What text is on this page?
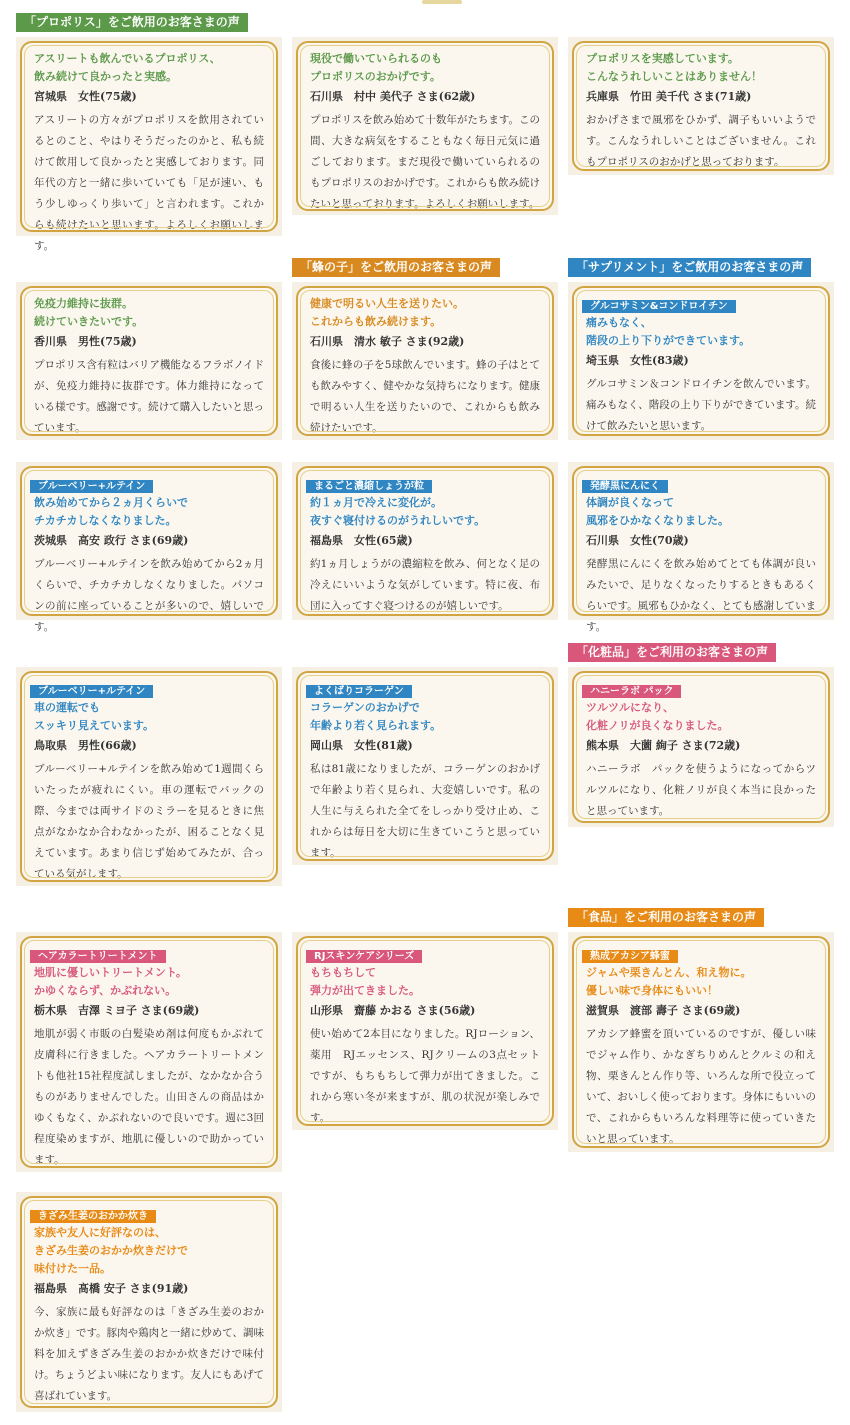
「プロポリス」をご飲用のお客さまの声
「蜂の子」をご飲用のお客さまの声	「サプリメント」をご飲用のお客さまの声
「化粧品」をご利用のお客さまの声
「食品」をご利用のお客さまの声
アスリートも飲んでいるプロポリス、
飲み続けて良かったと実感。
宮城県　女性(75歳)
アスリートの方々がプロポリスを飲用されているとのこと、やはりそうだったのかと、私も続けて飲用して良かったと実感しております。同年代の方と一緒に歩いていても「足が速い、もう少しゆっくり歩いて」と言われます。これからも続けたいと思います。よろしくお願いします。
現役で働いていられるのも
プロポリスのおかげです。
石川県　村中 美代子 さま(62歳)
プロポリスを飲み始めて十数年がたちます。この間、大きな病気をすることもなく毎日元気に過ごしております。まだ現役で働いていられるのもプロポリスのおかげです。これからも飲み続けたいと思っております。よろしくお願いします。
プロポリスを実感しています。
こんなうれしいことはありません！
兵庫県　竹田 美千代 さま(71歳)
おかげさまで風邪をひかず、調子もいいようです。こんなうれしいことはございません。これもプロポリスのおかげと思っております。
免疫力維持に抜群。
続けていきたいです。
香川県　男性(75歳)
プロポリス含有粒はバリア機能なるフラボノイドが、免疫力維持に抜群です。体力維持になっている様です。感謝です。続けて購入したいと思っています。
健康で明るい人生を送りたい。
これからも飲み続けます。
石川県　清水 敏子 さま(92歳)
食後に蜂の子を5球飲んでいます。蜂の子はとても飲みやすく、健やかな気持ちになります。健康で明るい人生を送りたいので、これからも飲み続けたいです。
グルコサミン&コンドロイチン
痛みもなく、
階段の上り下りができています。
埼玉県　女性(83歳)
グルコサミン＆コンドロイチンを飲んでいます。痛みもなく、階段の上り下りができています。続けて飲みたいと思います。
ブルーベリー+ルテイン
飲み始めてから２ヵ月くらいで
チカチカしなくなりました。
茨城県　高安 政行 さま(69歳)
ブルーベリー+ルテインを飲み始めてから2ヵ月くらいで、チカチカしなくなりました。パソコンの前に座っていることが多いので、嬉しいです。
まるごと濃縮しょうが粒
約１ヵ月で冷えに変化が。
夜すぐ寝付けるのがうれしいです。
福島県　女性(65歳)
約1ヵ月しょうがの濃縮粒を飲み、何となく足の冷えにいいような気がしています。特に夜、布団に入ってすぐ寝つけるのが嬉しいです。
発酵黒にんにく
体調が良くなって
風邪をひかなくなりました。
石川県　女性(70歳)
発酵黒にんにくを飲み始めてとても体調が良いみたいで、足りなくなったりするときもあるくらいです。風邪もひかなく、とても感謝しています。
ブルーベリー+ルテイン
車の運転でも
スッキリ見えています。
鳥取県　男性(66歳)
ブルーベリー+ルテインを飲み始めて1週間くらいたったが疲れにくい。車の運転でバックの際、今までは両サイドのミラーを見るときに焦点がなかなか合わなかったが、困ることなく見えています。あまり信じず始めてみたが、合っている気がします。
よくばりコラーゲン
コラーゲンのおかげで
年齢より若く見られます。
岡山県　女性(81歳)
私は81歳になりましたが、コラーゲンのおかげで年齢より若く見られ、大変嬉しいです。私の人生に与えられた全てをしっかり受け止め、これからは毎日を大切に生きていこうと思っています。
ハニーラボ パック
ツルツルになり、
化粧ノリが良くなりました。
熊本県　大薗 絢子 さま(72歳)
ハニーラボ　パックを使うようになってからツルツルになり、化粧ノリが良く本当に良かったと思っています。
ヘアカラートリートメント
地肌に優しいトリートメント。
かゆくならず、かぶれない。
栃木県　吉澤 ミヨ子 さま(69歳)
地肌が弱く市販の白髪染め剤は何度もかぶれて皮膚科に行きました。ヘアカラートリートメントも他社15社程度試しましたが、なかなか合うものがありませんでした。山田さんの商品はかゆくもなく、かぶれないので良いです。週に3回程度染めますが、地肌に優しいので助かっています。
RJスキンケアシリーズ
もちもちして
弾力が出てきました。
山形県　齋藤 かおる さま(56歳)
使い始めて2本目になりました。RJローション、薬用　RJエッセンス、RJクリームの3点セットですが、もちもちして弾力が出てきました。これから寒い冬が来ますが、肌の状況が楽しみです。
熟成アカシア蜂蜜
ジャムや栗きんとん、和え物に。
優しい味で身体にもいい！
滋賀県　渡部 壽子 さま(69歳)
アカシア蜂蜜を頂いているのですが、優しい味でジャム作り、かなぎちりめんとクルミの和え物、栗きんとん作り等、いろんな所で役立っていて、おいしく使っております。身体にもいいので、これからもいろんな料理等に使っていきたいと思っています。
きざみ生姜のおかか炊き
家族や友人に好評なのは、
きざみ生姜のおかか炊きだけで
味付けた一品。
福島県　髙橋 安子 さま(91歳)
今、家族に最も好評なのは「きざみ生姜のおかか炊き」です。豚肉や鶏肉と一緒に炒めて、調味料を加えずきざみ生姜のおかか炊きだけで味付け。ちょうどよい味になります。友人にもあげて喜ばれています。
